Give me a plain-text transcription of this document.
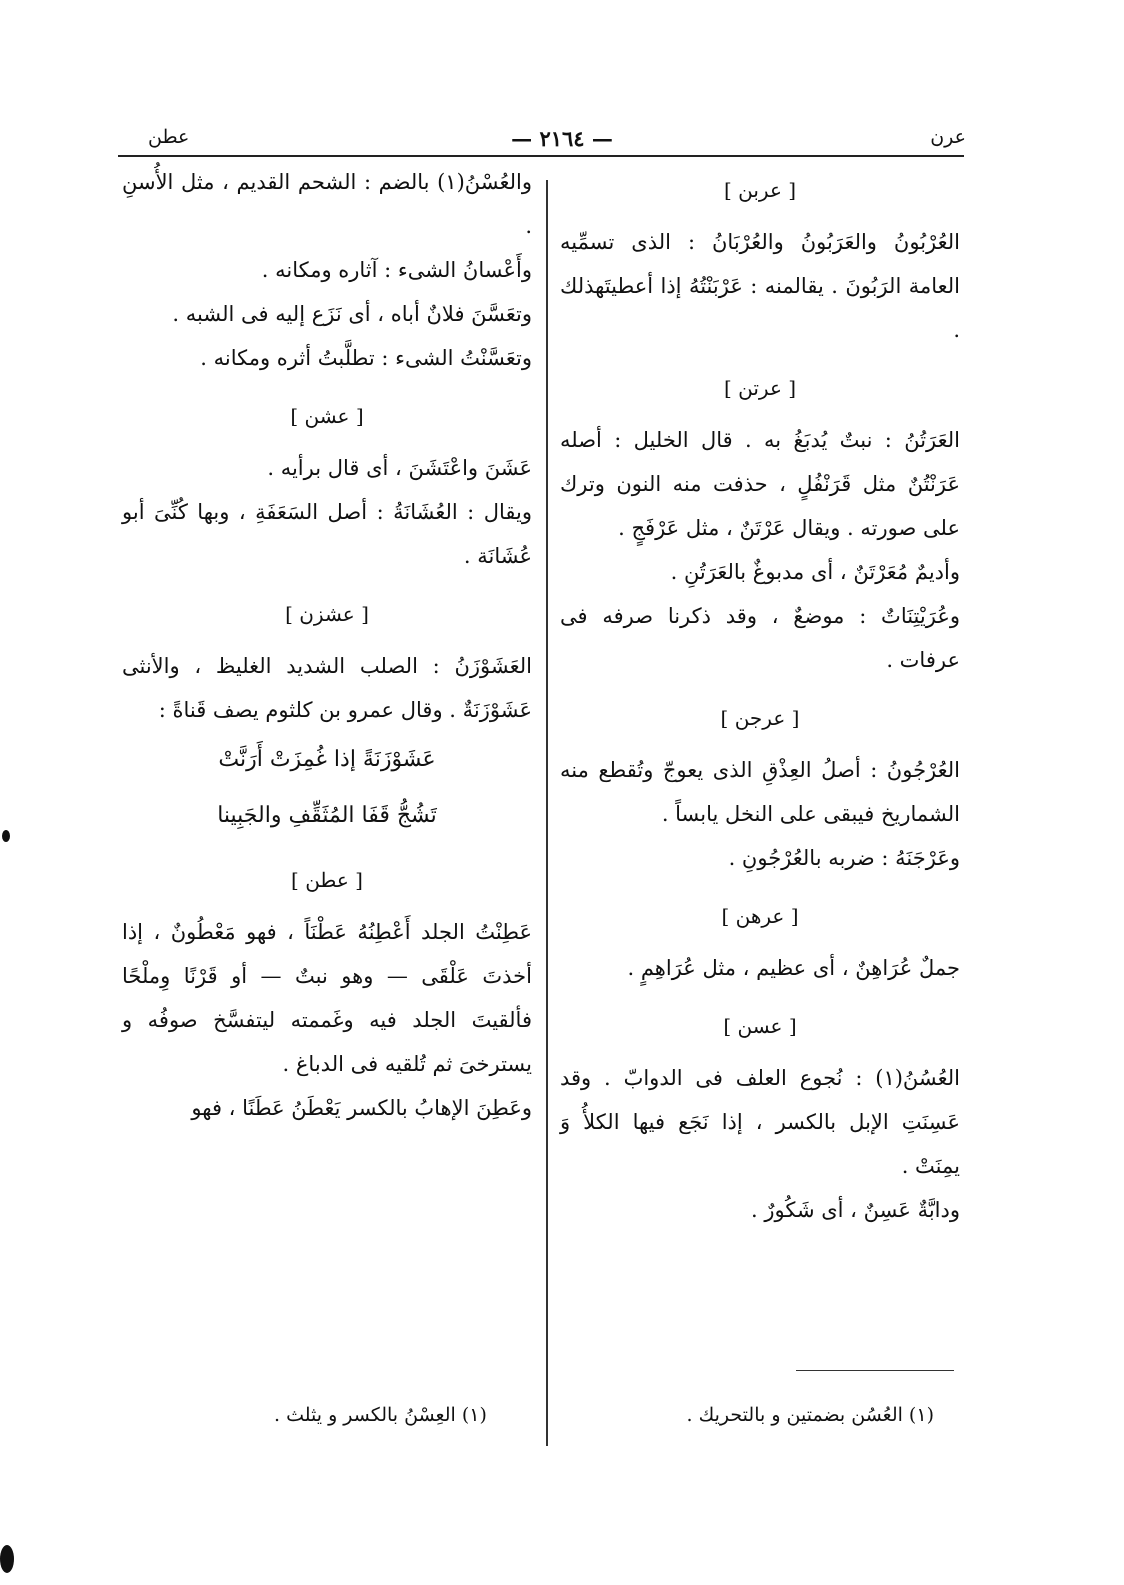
عرن
— ٢١٦٤ —
عطن
[ عربن ]

العُرْبُونُ والعَرَبُونُ والعُرْبَانُ : الذى تسمِّيه العامة الرَبُونَ . يقالمنه : عَرْبَنْتُهُ إذا أعطيتَهذلك .

[ عرتن ]

العَرَتُنُ : نبتٌ يُدبَغُ به . قال الخليل : أصله عَرَنْتُنٌ مثل قَرَنْفُلٍ ، حذفت منه النون وترك على صورته . ويقال عَرْتَنٌ ، مثل عَرْفَجٍ .

وأديمٌ مُعَرْتَنٌ ، أى مدبوغٌ بالعَرَتُنِ .

وعُرَيْتِنَاتٌ : موضعٌ ، وقد ذكرنا صرفه فى عرفات .

[ عرجن ]

العُرْجُونُ : أصلُ العِذْقِ الذى يعوجّ وتُقطع منه الشماريخ فيبقى على النخل يابساً .

وعَرْجَنَهُ : ضربه بالعُرْجُونِ .

[ عرهن ]

جملٌ عُرَاهِنٌ ، أى عظيم ، مثل عُرَاهِمٍ .

[ عسن ]

العُسُنُ(١) : نُجوع العلف فى الدوابّ . وقد عَسِنَتِ الإبل بالكسر ، إذا نَجَع فيها الكلأُ وَ يمِنَتْ .

ودابَّةٌ عَسِنٌ ، أى شَكُورٌ .

والعُسْنُ(١) بالضم : الشحم القديم ، مثل الأُسنِ .

وأَعْسانُ الشىء : آثاره ومكانه .

وتعَسَّنَ فلانٌ أباه ، أى نَزَع إليه فى الشبه .

وتعَسَّنْتُ الشىء : تطلَّبتُ أثره ومكانه .

[ عشن ]

عَشَنَ واعْتَشَنَ ، أى قال برأيه .

ويقال : العُشَانَةُ : أصل السَعَفَةِ ، وبها كُنِّىَ أبو عُشَانَة .

[ عشزن ]

العَشَوْزَنُ : الصلب الشديد الغليظ ، والأنثى عَشَوْزَنَةٌ . وقال عمرو بن كلثوم يصف قَناةً :

عَشَوْزَنَةً إذا غُمِزَتْ أَرَنَّتْ

تَشُجُّ قَفَا المُثَقِّفِ والجَبِينا

[ عطن ]

عَطِنْتُ الجلد أَعْطِنُهُ عَطْنَاً ، فهو مَعْطُونٌ ، إذا أخذتَ عَلْقَى — وهو نبتٌ — أو قَرْنًا وِملْحًا فألقيتَ الجلد فيه وغَممته ليتفسَّخ صوفُه و يسترخىَ ثم تُلقيه فى الدباغ .

وعَطِنَ الإهابُ بالكسر يَعْطَنُ عَطَنًا ، فهو

(١) العُسُن بضمتين و بالتحريك .
(١) العِسْنُ بالكسر و يثلث .
